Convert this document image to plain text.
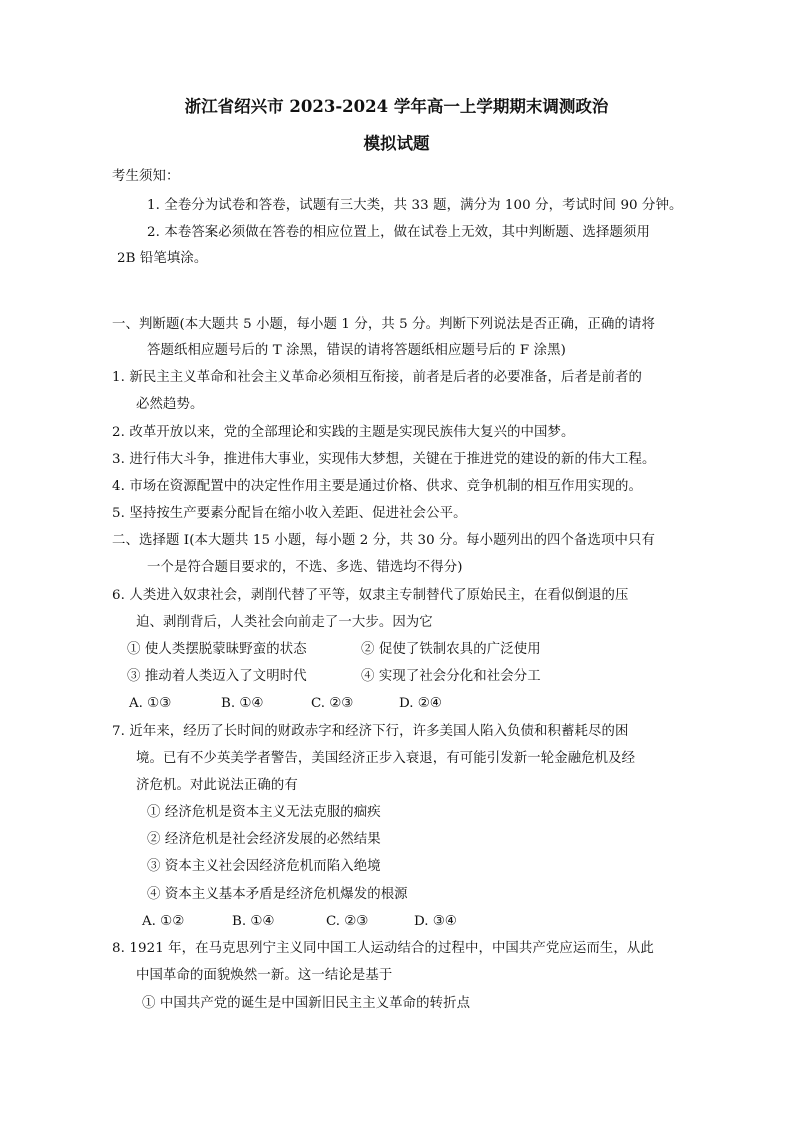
浙江省绍兴市 2023-2024 学年高一上学期期末调测政治
模拟试题
考生须知：
1. 全卷分为试卷和答卷，试题有三大类，共 33 题，满分为 100 分，考试时间 90 分钟。
2. 本卷答案必须做在答卷的相应位置上，做在试卷上无效，其中判断题、选择题须用
2B 铅笔填涂。
一、判断题(本大题共 5 小题，每小题 1 分，共 5 分。判断下列说法是否正确，正确的请将
答题纸相应题号后的 T 涂黑，错误的请将答题纸相应题号后的 F 涂黑)
1. 新民主主义革命和社会主义革命必须相互衔接，前者是后者的必要准备，后者是前者的
必然趋势。
2. 改革开放以来，党的全部理论和实践的主题是实现民族伟大复兴的中国梦。
3. 进行伟大斗争，推进伟大事业，实现伟大梦想，关键在于推进党的建设的新的伟大工程。
4. 市场在资源配置中的决定性作用主要是通过价格、供求、竞争机制的相互作用实现的。
5. 坚持按生产要素分配旨在缩小收入差距、促进社会公平。
二、选择题 I(本大题共 15 小题，每小题 2 分，共 30 分。每小题列出的四个备选项中只有
一个是符合题目要求的，不选、多选、错选均不得分)
6. 人类进入奴隶社会，剥削代替了平等，奴隶主专制替代了原始民主，在看似倒退的压
迫、剥削背后，人类社会向前走了一大步。因为它
① 使人类摆脱蒙昧野蛮的状态	② 促使了铁制农具的广泛使用
③ 推动着人类迈入了文明时代	④ 实现了社会分化和社会分工
A. ①③	B. ①④	C. ②③	D. ②④
7. 近年来，经历了长时间的财政赤字和经济下行，许多美国人陷入负债和积蓄耗尽的困
境。已有不少英美学者警告，美国经济正步入衰退，有可能引发新一轮金融危机及经
济危机。对此说法正确的有
① 经济危机是资本主义无法克服的痼疾
② 经济危机是社会经济发展的必然结果
③ 资本主义社会因经济危机而陷入绝境
④ 资本主义基本矛盾是经济危机爆发的根源
A. ①②	B. ①④	C. ②③	D. ③④
8. 1921 年，在马克思列宁主义同中国工人运动结合的过程中，中国共产党应运而生，从此
中国革命的面貌焕然一新。这一结论是基于
① 中国共产党的诞生是中国新旧民主主义革命的转折点
